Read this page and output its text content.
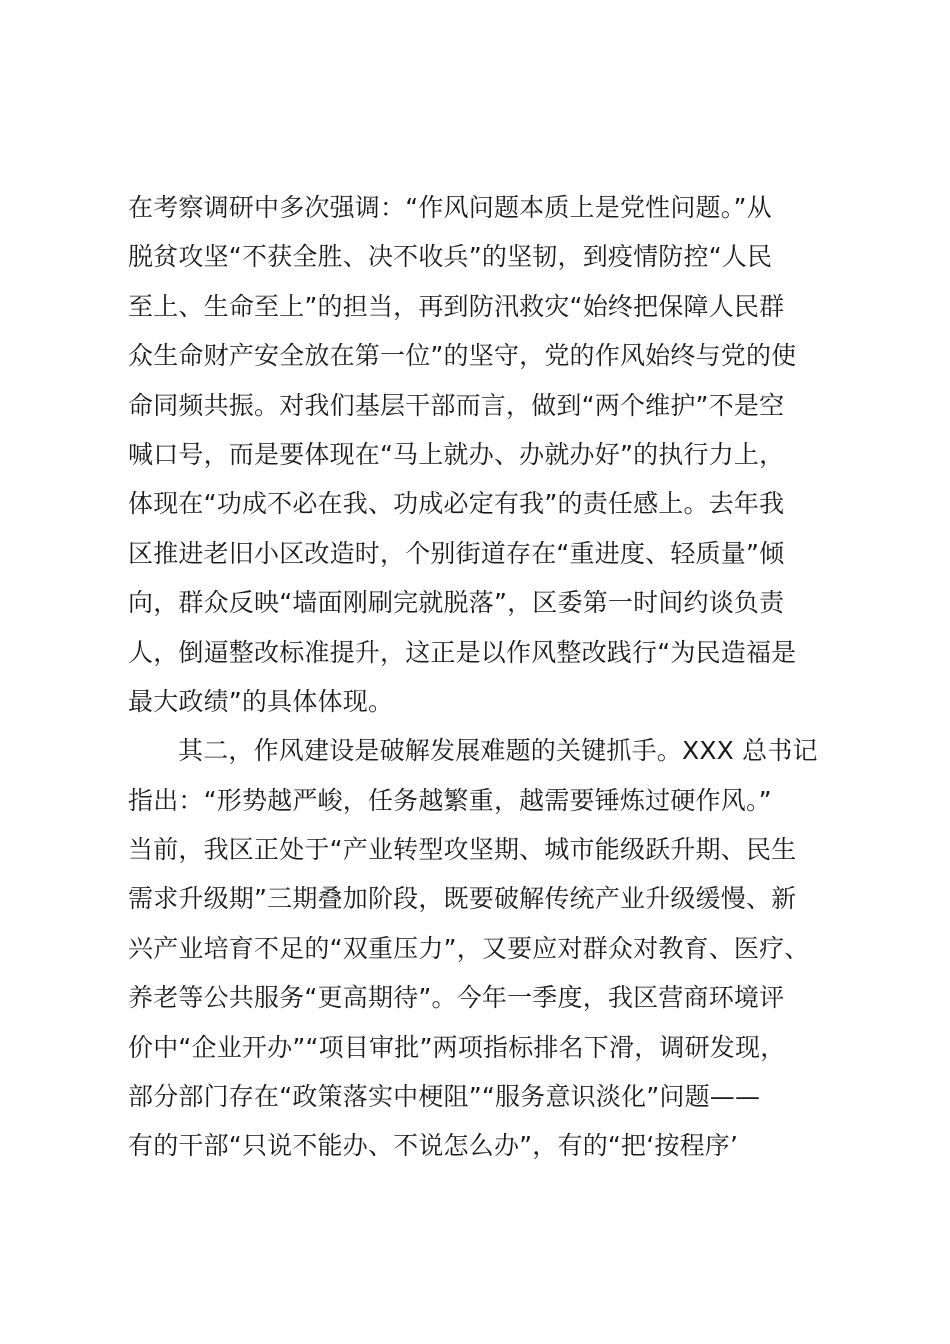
在考察调研中多次强调：“作风问题本质上是党性问题。”从
脱贫攻坚“不获全胜、决不收兵”的坚韧，到疫情防控“人民
至上、生命至上”的担当，再到防汛救灾“始终把保障人民群
众生命财产安全放在第一位”的坚守，党的作风始终与党的使
命同频共振。对我们基层干部而言，做到“两个维护”不是空
喊口号，而是要体现在“马上就办、办就办好”的执行力上，
体现在“功成不必在我、功成必定有我”的责任感上。去年我
区推进老旧小区改造时，个别街道存在“重进度、轻质量”倾
向，群众反映“墙面刚刷完就脱落”，区委第一时间约谈负责
人，倒逼整改标准提升，这正是以作风整改践行“为民造福是
最大政绩”的具体体现。
其二，作风建设是破解发展难题的关键抓手。XXX 总书记
指出：“形势越严峻，任务越繁重，越需要锤炼过硬作风。”
当前，我区正处于“产业转型攻坚期、城市能级跃升期、民生
需求升级期”三期叠加阶段，既要破解传统产业升级缓慢、新
兴产业培育不足的“双重压力”，又要应对群众对教育、医疗、
养老等公共服务“更高期待”。今年一季度，我区营商环境评
价中“企业开办”“项目审批”两项指标排名下滑，调研发现，
部分部门存在“政策落实中梗阻”“服务意识淡化”问题——
有的干部“只说不能办、不说怎么办”，有的“把‘按程序’
